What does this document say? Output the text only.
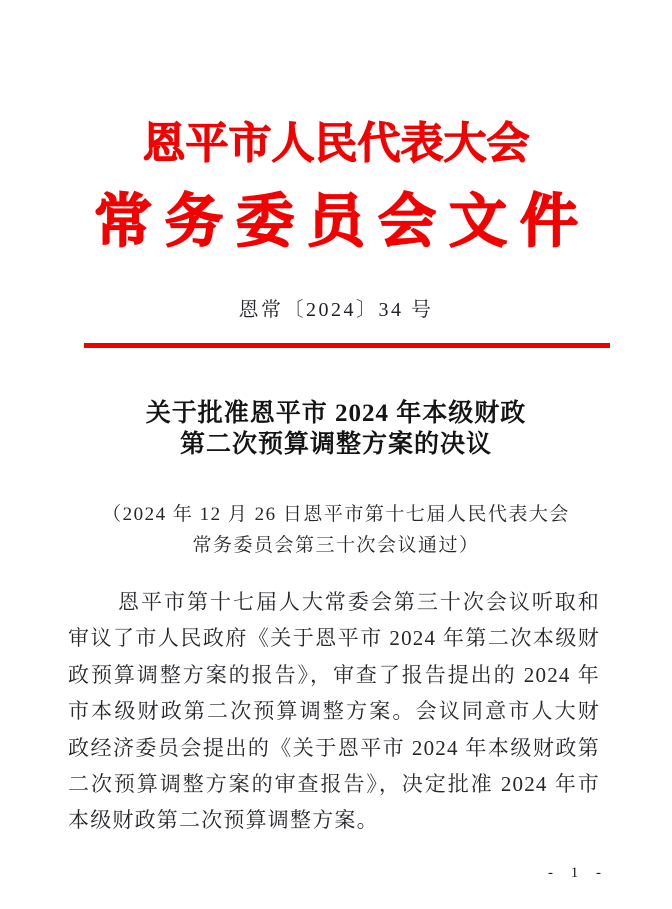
恩平市人民代表大会
常务委员会文件
恩常〔2024〕34 号
关于批准恩平市 2024 年本级财政
第二次预算调整方案的决议
（2024 年 12 月 26 日恩平市第十七届人民代表大会
常务委员会第三十次会议通过）
恩平市第十七届人大常委会第三十次会议听取和审议了市人民政府《关于恩平市 2024 年第二次本级财政预算调整方案的报告》，审查了报告提出的 2024 年市本级财政第二次预算调整方案。会议同意市人大财政经济委员会提出的《关于恩平市 2024 年本级财政第二次预算调整方案的审查报告》，决定批准 2024 年市本级财政第二次预算调整方案。
- 1 -
